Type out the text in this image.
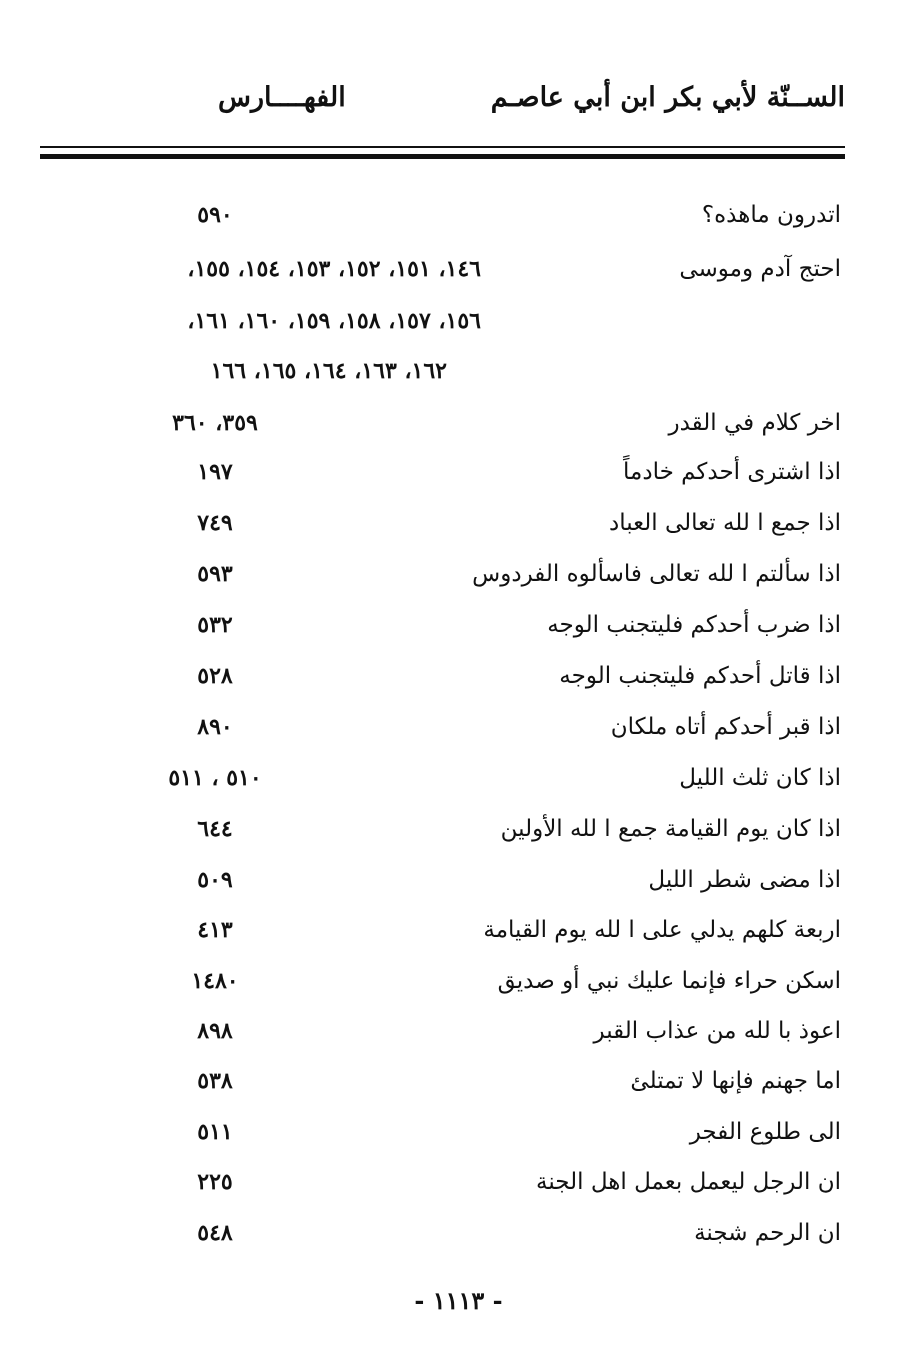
الســنّة لأبي بكر ابن أبي عاصـم
الفهــــارس
اتدرون ماهذه؟
٥٩٠
احتج آدم وموسى
١٤٦، ١٥١، ١٥٢، ١٥٣، ١٥٤، ١٥٥،
١٥٦، ١٥٧، ١٥٨، ١٥٩، ١٦٠، ١٦١،
١٦٢، ١٦٣، ١٦٤، ١٦٥، ١٦٦
اخر كلام في القدر
٣٥٩، ٣٦٠
اذا اشترى أحدكم خادماً
١٩٧
اذا جمع ا لله تعالى العباد
٧٤٩
اذا سألتم ا لله تعالى فاسألوه الفردوس
٥٩٣
اذا ضرب أحدكم فليتجنب الوجه
٥٣٢
اذا قاتل أحدكم فليتجنب الوجه
٥٢٨
اذا قبر أحدكم أتاه ملكان
٨٩٠
اذا كان ثلث الليل
٥١٠ ، ٥١١
اذا كان يوم القيامة جمع ا لله الأولين
٦٤٤
اذا مضى شطر الليل
٥٠٩
اربعة كلهم يدلي على ا لله يوم القيامة
٤١٣
اسكن حراء فإنما عليك نبي أو صديق
١٤٨٠
اعوذ با لله من عذاب القبر
٨٩٨
اما جهنم فإنها لا تمتلئ
٥٣٨
الى طلوع الفجر
٥١١
ان الرجل ليعمل بعمل اهل الجنة
٢٢٥
ان الرحم شجنة
٥٤٨
- ١١١٣ -
